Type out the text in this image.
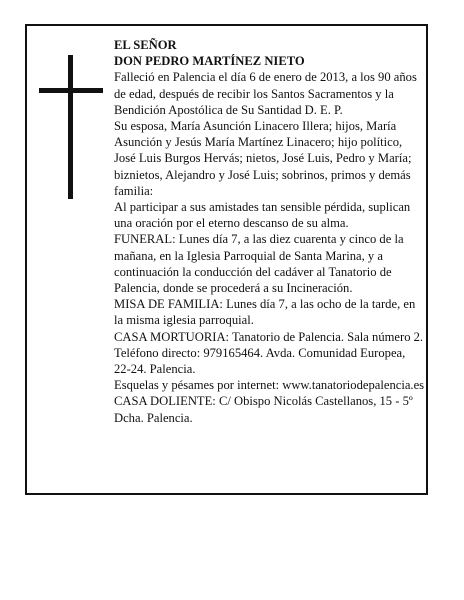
EL SEÑOR

DON PEDRO MARTÍNEZ NIETO

Falleció en Palencia el día 6 de enero de 2013, a los 90 años de edad, después de recibir los Santos Sacramentos y la Bendición Apostólica de Su Santidad D. E. P.

Su esposa, María Asunción Linacero Illera; hijos, María Asunción y Jesús María Martínez Linacero; hijo político, José Luis Burgos Hervás; nietos, José Luis, Pedro y María; biznietos, Alejandro y José Luis; sobrinos, primos y demás familia:

Al participar a sus amistades tan sensible pérdida, suplican una oración por el eterno descanso de su alma.

FUNERAL: Lunes día 7, a las diez cuarenta y cinco de la mañana, en la Iglesia Parroquial de Santa Marina, y a continuación la conducción del cadáver al Tanatorio de Palencia, donde se procederá a su Incineración.

MISA DE FAMILIA: Lunes día 7, a las ocho de la tarde, en la misma iglesia parroquial.

CASA MORTUORIA: Tanatorio de Palencia. Sala número 2. Teléfono directo: 979165464. Avda. Comunidad Europea, 22-24. Palencia.

Esquelas y pésames por internet: www.tanatoriodepalencia.es

CASA DOLIENTE: C/ Obispo Nicolás Castellanos, 15 - 5º Dcha. Palencia.
